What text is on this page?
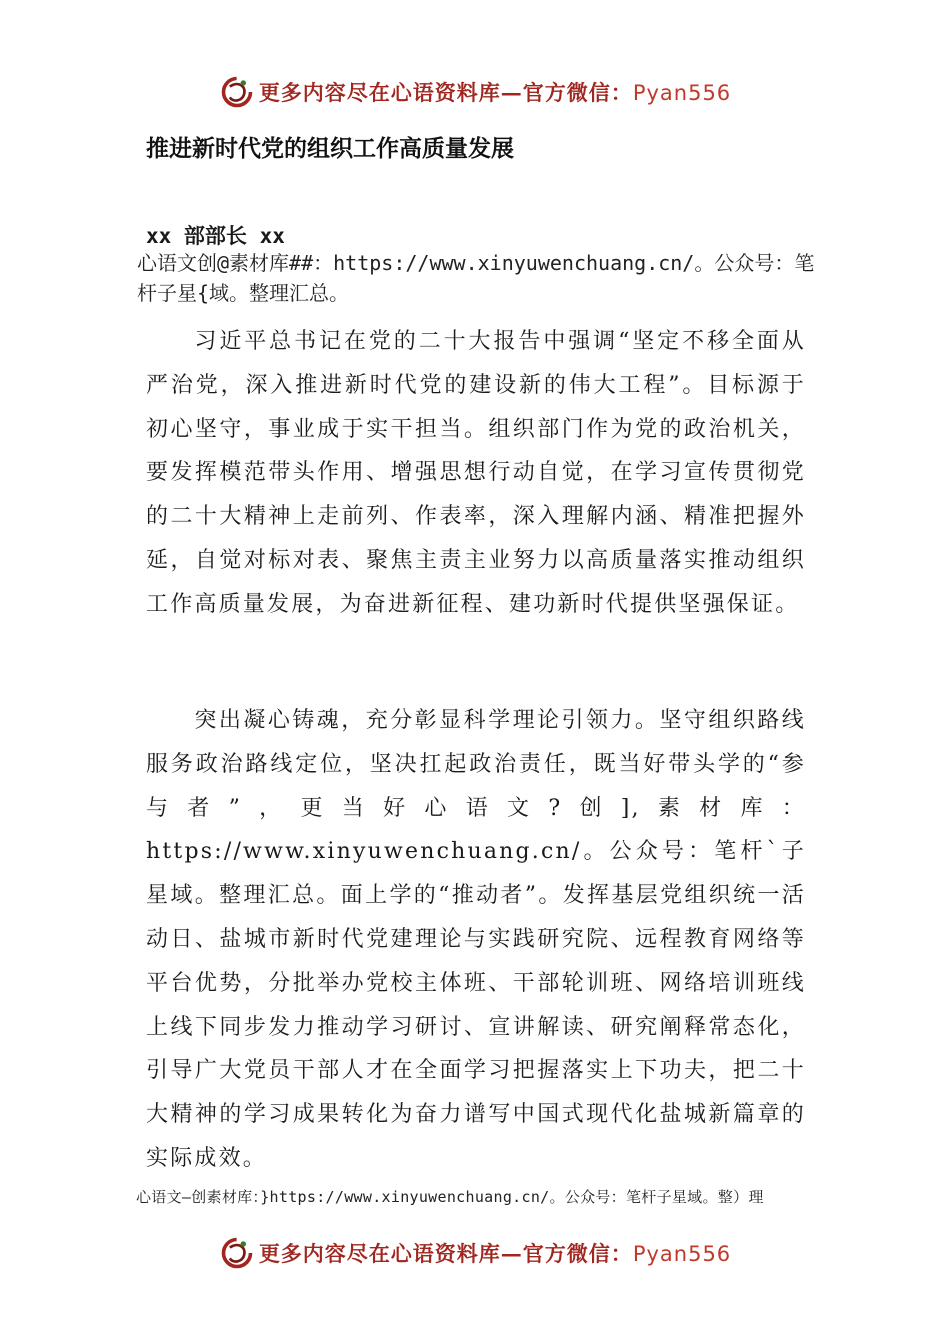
更多内容尽在心语资料库—官方微信：Pyan556
推进新时代党的组织工作高质量发展
xx 部部长 xx
心语文创@素材库##：https://www.xinyuwenchuang.cn/。公众号：笔杆子星{域。整理汇总。
习近平总书记在党的二十大报告中强调“坚定不移全面从严治党，深入推进新时代党的建设新的伟大工程”。目标源于初心坚守，事业成于实干担当。组织部门作为党的政治机关，要发挥模范带头作用、增强思想行动自觉，在学习宣传贯彻党的二十大精神上走前列、作表率，深入理解内涵、精准把握外延，自觉对标对表、聚焦主责主业努力以高质量落实推动组织工作高质量发展，为奋进新征程、建功新时代提供坚强保证。
突出凝心铸魂，充分彰显科学理论引领力。坚守组织路线服务政治路线定位，坚决扛起政治责任，既当好带头学的“参与者”，更当好心语文?创],素材库：https://www.xinyuwenchuang.cn/。公众号：笔杆`子星域。整理汇总。面上学的“推动者”。发挥基层党组织统一活动日、盐城市新时代党建理论与实践研究院、远程教育网络等平台优势，分批举办党校主体班、干部轮训班、网络培训班线上线下同步发力推动学习研讨、宣讲解读、研究阐释常态化，引导广大党员干部人才在全面学习把握落实上下功夫，把二十大精神的学习成果转化为奋力谱写中国式现代化盐城新篇章的实际成效。
心语文—创素材库：}https://www.xinyuwenchuang.cn/。公众号：笔杆子星域。整）理
更多内容尽在心语资料库—官方微信：Pyan556
